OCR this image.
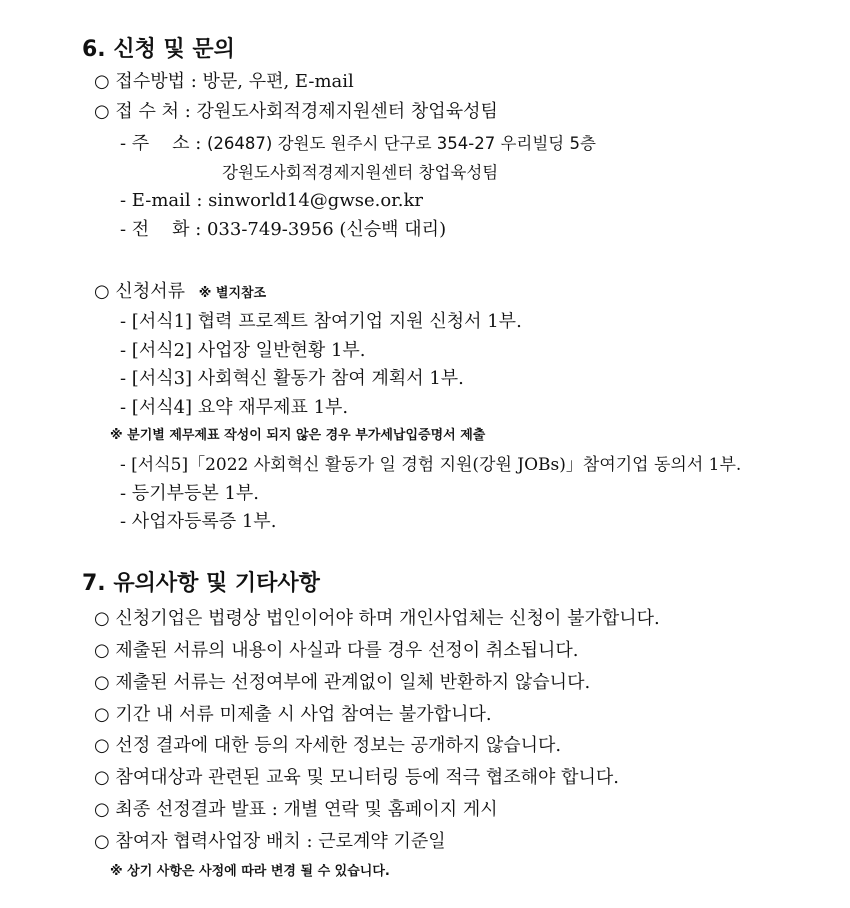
6. 신청 및 문의
○ 접수방법 : 방문, 우편, E-mail
○ 접 수 처 : 강원도사회적경제지원센터 창업육성팀
- 주    소 : (26487) 강원도 원주시 단구로 354-27 우리빌딩 5층
강원도사회적경제지원센터 창업육성팀
- E-mail : sinworld14@gwse.or.kr
- 전    화 : 033-749-3956 (신승백 대리)
○ 신청서류 ※ 별지참조
- [서식1] 협력 프로젝트 참여기업 지원 신청서 1부.
- [서식2] 사업장 일반현황 1부.
- [서식3] 사회혁신 활동가 참여 계획서 1부.
- [서식4] 요약 재무제표 1부.
※ 분기별 제무제표 작성이 되지 않은 경우 부가세납입증명서 제출
- [서식5]「2022 사회혁신 활동가 일 경험 지원(강원 JOBs)」참여기업 동의서 1부.
- 등기부등본 1부.
- 사업자등록증 1부.
7. 유의사항 및 기타사항
○ 신청기업은 법령상 법인이어야 하며 개인사업체는 신청이 불가합니다.
○ 제출된 서류의 내용이 사실과 다를 경우 선정이 취소됩니다.
○ 제출된 서류는 선정여부에 관계없이 일체 반환하지 않습니다.
○ 기간 내 서류 미제출 시 사업 참여는 불가합니다.
○ 선정 결과에 대한 등의 자세한 정보는 공개하지 않습니다.
○ 참여대상과 관련된 교육 및 모니터링 등에 적극 협조해야 합니다.
○ 최종 선정결과 발표 : 개별 연락 및 홈페이지 게시
○ 참여자 협력사업장 배치 : 근로계약 기준일
※ 상기 사항은 사정에 따라 변경 될 수 있습니다.
